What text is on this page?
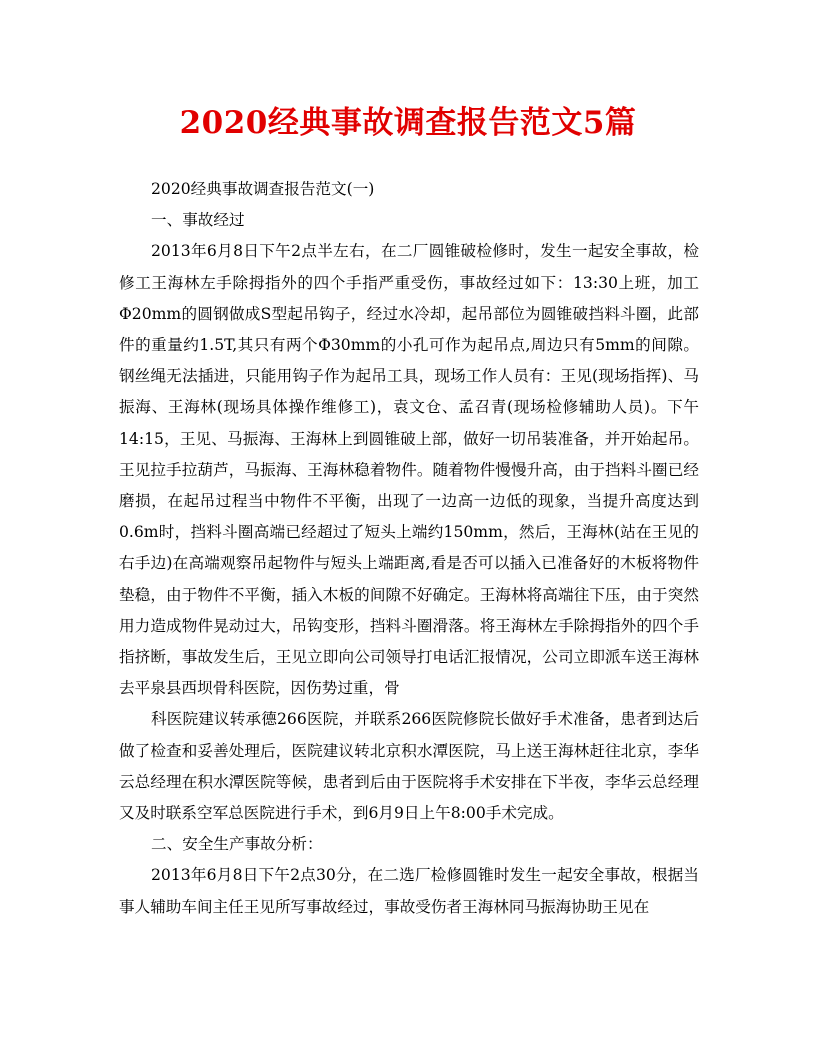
2020经典事故调查报告范文5篇

2020经典事故调查报告范文(一)

一、事故经过

2013年6月8日下午2点半左右，在二厂圆锥破检修时，发生一起安全事故，检修工王海林左手除拇指外的四个手指严重受伤，事故经过如下：13:30上班，加工Φ20mm的圆钢做成S型起吊钩子，经过水冷却，起吊部位为圆锥破挡料斗圈，此部件的重量约1.5T,其只有两个Φ30mm的小孔可作为起吊点,周边只有5mm的间隙。钢丝绳无法插进，只能用钩子作为起吊工具，现场工作人员有：王见(现场指挥)、马振海、王海林(现场具体操作维修工)，袁文仓、孟召青(现场检修辅助人员)。下午14:15，王见、马振海、王海林上到圆锥破上部，做好一切吊装准备，并开始起吊。王见拉手拉葫芦，马振海、王海林稳着物件。随着物件慢慢升高，由于挡料斗圈已经磨损，在起吊过程当中物件不平衡，出现了一边高一边低的现象，当提升高度达到0.6m时，挡料斗圈高端已经超过了短头上端约150mm，然后，王海林(站在王见的右手边)在高端观察吊起物件与短头上端距离,看是否可以插入已准备好的木板将物件垫稳，由于物件不平衡，插入木板的间隙不好确定。王海林将高端往下压，由于突然用力造成物件晃动过大，吊钩变形，挡料斗圈滑落。将王海林左手除拇指外的四个手指挤断，事故发生后，王见立即向公司领导打电话汇报情况，公司立即派车送王海林去平泉县西坝骨科医院，因伤势过重，骨

科医院建议转承德266医院，并联系266医院修院长做好手术准备，患者到达后做了检查和妥善处理后，医院建议转北京积水潭医院，马上送王海林赶往北京，李华云总经理在积水潭医院等候，患者到后由于医院将手术安排在下半夜，李华云总经理又及时联系空军总医院进行手术，到6月9日上午8:00手术完成。

二、安全生产事故分析：

2013年6月8日下午2点30分，在二选厂检修圆锥时发生一起安全事故，根据当事人辅助车间主任王见所写事故经过，事故受伤者王海林同马振海协助王见在
